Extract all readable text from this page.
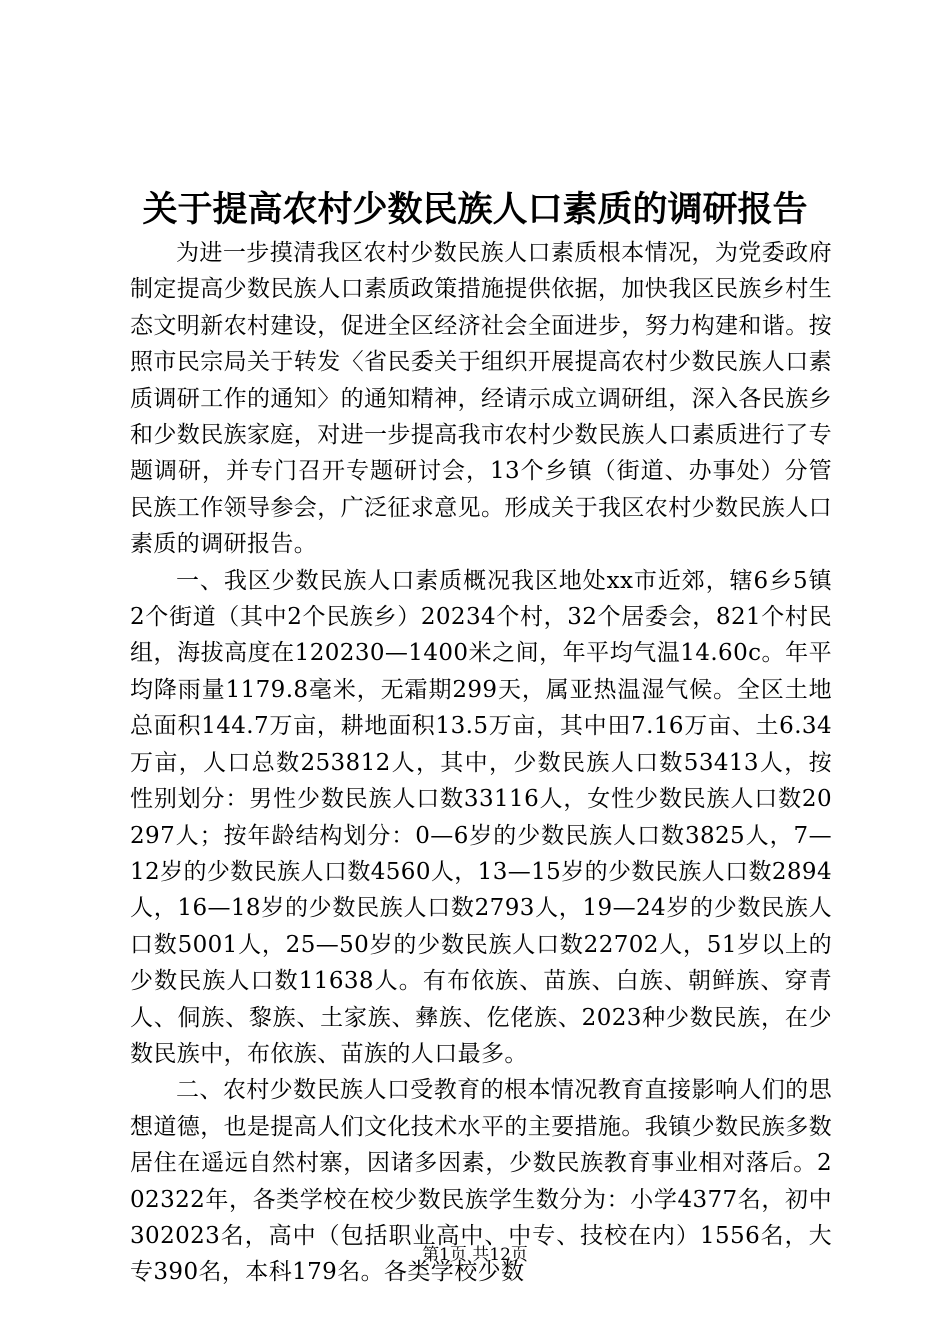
关于提高农村少数民族人口素质的调研报告

为进一步摸清我区农村少数民族人口素质根本情况，为党委政府制定提高少数民族人口素质政策措施提供依据，加快我区民族乡村生态文明新农村建设，促进全区经济社会全面进步，努力构建和谐。按照市民宗局关于转发〈省民委关于组织开展提高农村少数民族人口素质调研工作的通知〉的通知精神，经请示成立调研组，深入各民族乡和少数民族家庭，对进一步提高我市农村少数民族人口素质进行了专题调研，并专门召开专题研讨会，13个乡镇（街道、办事处）分管民族工作领导参会，广泛征求意见。形成关于我区农村少数民族人口素质的调研报告。

一、我区少数民族人口素质概况我区地处xx市近郊，辖6乡5镇2个街道（其中2个民族乡）20234个村，32个居委会，821个村民组，海拔高度在120230—1400米之间，年平均气温14.60c。年平均降雨量1179.8毫米，无霜期299天，属亚热温湿气候。全区土地总面积144.7万亩，耕地面积13.5万亩，其中田7.16万亩、土6.34万亩，人口总数253812人，其中，少数民族人口数53413人，按性别划分：男性少数民族人口数33116人，女性少数民族人口数20297人；按年龄结构划分：0—6岁的少数民族人口数3825人，7—12岁的少数民族人口数4560人，13—15岁的少数民族人口数2894人，16—18岁的少数民族人口数2793人，19—24岁的少数民族人口数5001人，25—50岁的少数民族人口数22702人，51岁以上的少数民族人口数11638人。有布依族、苗族、白族、朝鲜族、穿青人、侗族、黎族、土家族、彝族、仡佬族、2023种少数民族，在少数民族中，布依族、苗族的人口最多。

二、农村少数民族人口受教育的根本情况教育直接影响人们的思想道德，也是提高人们文化技术水平的主要措施。我镇少数民族多数居住在遥远自然村寨，因诸多因素，少数民族教育事业相对落后。202322年，各类学校在校少数民族学生数分为：小学4377名，初中302023名，高中（包括职业高中、中专、技校在内）1556名，大专390名，本科179名。各类学校少数

第1页 共12页
